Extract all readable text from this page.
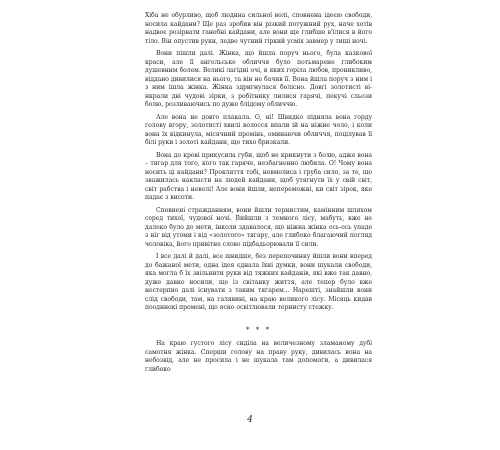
Хіба не обурливо, щоб людина сильної волі, сповнена ідеєю свободи, носила кайдани? Ще раз зробив він різкий потужний рух, наче хотів надвоє розірвати ганебні кайдани, але вони ще глибше в'їлися в його тіло. Він опустив руки, ледве чутний гіркий усміх завмер у тиші ночі.

Вони пішли далі. Жінка, що йшла поруч нього, була казкової краси, але її ангельське обличчя було потьмарене глибоким душевним болем. Великі лагідні очі, в яких горіла любов, проникливо, віддано дивилися на нього, та він не бачив її. Вона йшла поруч з ним і з ним ішла жінка. Жінка здригнулася болісно. Довгі золотисті ві-нкрали дві чудові зірки, з робітнику лилися гарячі, пекучі сльози болю, розливаючись по дуже блідому обличчю.

Але вона не довго плакала. О, ні! Швидко підняла вона горду голову вгору, золотисті хвилі волосся впали ій на ніжне чоло, і коли вона їх відкинула, місячний промінь, оминаючи обличчя, поцілував її білі руки і золоті кайдани, що тихо бризкали.

Вона до крові прикусила губи, щоб не крикнути з болю, адже вона – тягар для того, кого так гаряче, незбагненно любила. О! Чому вона носить ці кайдани? Прокляття тобі, невмолиса і груба сило, за те, що зважилась накласти на людей кайдани, щоб утягнути їх у свій світ, світ рабства і неволі! Але вони йшли, непереможні, ки світ зірок, яке падає з висоти.

Сповнені стражданням, вони йшли тернистим, камінним шляхом серед тихої, чудової ночі. Вийшли з темного лісу, мабуть, вже не далеко було до мети, інколи здавалося, що ніжна жінка ось-ось упаде з ніг від утоми і від «золотого» тягару, але глибоко благаючий погляд чоловіка, його привітне слово підбадьорювали її сили.

І все далі й далі, все швидше, без перепочинку йшли вони вперед до бажаної мети, одна ідея єднала їхні думки, вони шукали свободи, яка могла б їх звільнити руки від тяжких кайданів, які вже так давно, дуже давно носили, ще із світанку життя, але тепер було вже нестерпно далі існувати з таким тягарем... Нарешті, знайшли вони слід свободи, там, на галявині, на краю великого лісу. Місяць кидав поодинокі промені, що ясно освітлювали тернисту стежку.

* * *

На краю густого лісу сиділа на величезному зламаному дубі самотня жінка. Сперши голову на праву руку, дивилась вона на небозвід, але не просила і не шукала там допомоги, а дивилася глибоко

4
